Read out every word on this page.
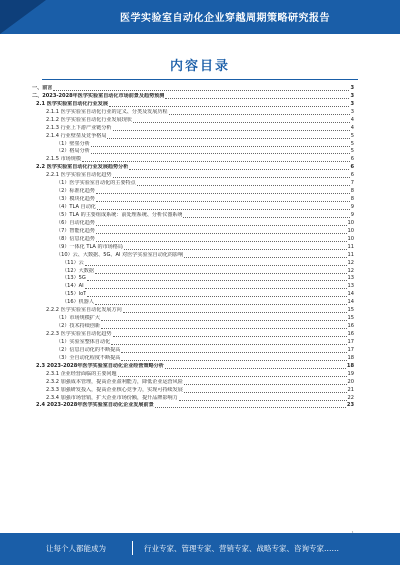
医学实验室自动化企业穿越周期策略研究报告
内容目录
一、前言	3
二、2023-2028年医学实验室自动化市场前景及趋势预测	3
2.1 医学实验室自动化行业发展	3
2.1.1 医学实验室自动化行业的定义、分类及发展历程	3
2.1.2 医学实验室自动化行业发展现状	4
2.1.3 行业上下游产业链分析	4
2.1.4 行业壁垒及竞争格局	5
（1）壁垒分析	5
（2）格局分析	5
2.1.5 市场规模	6
2.2 医学实验室自动化行业发展趋势分析	6
2.2.1 医学实验室自动化趋势	6
（1）医学实验室自动化的主要特点	7
（2）标准化趋势	8
（3）模块化趋势	8
（4）TLA 自动化	9
（5）TLA 的主要组成系统：前处理系统、分析仪器系统	9
（6）自动化趋势	10
（7）智能化趋势	10
（8）信息化趋势	10
（9）一体化 TLA 的市场格局	11
（10）云、大数据、5G、AI 对医学实验室自动化的影响	11
（11）云	12
（12）大数据	12
（13）5G	13
（14）AI	13
（15）IoT	14
（16）机器人	14
2.2.2 医学实验室自动化发展方向	15
（1）市场规模扩大	15
（2）技术持续创新	16
2.2.3 医学实验室自动化趋势	16
（1）实验室整体自动化	17
（2）信息自动化的不断提高	17
（3）全自动化程度不断提高	18
2.3 2023-2028年医学实验室自动化企业经营策略分析	18
2.3.1 企业经营面临的主要问题	19
2.3.2 加强成本管理，提高企业盈利能力，降低企业运营风险	20
2.3.3 加强研发投入，提高企业核心竞争力，实现可持续发展	21
2.3.4 加强市场营销，扩大企业市场份额，提升品牌影响力	22
2.4 2023-2028年医学实验室自动化企业发展前景	23
让每个人都能成为	行业专家、管理专家、营销专家、战略专家、咨询专家……
